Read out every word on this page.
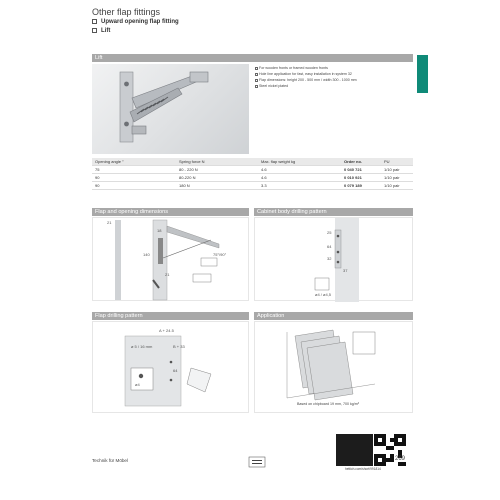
Other flap fittings
Upward opening flap fitting
Lift
Lift
For wooden fronts or framed wooden fronts
Hole line application for fast, easy installation in system 32
Flap dimensions: height 200 - 500 mm / width 300 - 1000 mm
Steel nickel plated
Opening angle °	Spring force N	Max. flap weight kg	Order no.	PU
75	80 - 220 N	4.6	0 040 721	1/10 pair
90	80-220 N	4.6	0 010 921	1/10 pair
90	180 N	3.3	0 079 189	1/10 pair
Flap and opening dimensions
21
18
140	75°/90°
21
Cabinet body drilling pattern
25
64
32
37
ø4 / ø4,5
Flap drilling pattern
A + 24.5
B + 33
64
ø 5 / 16 mm
ø4
Application
Based on chipboard 19 mm, 700 kg/m³
hettich.com/short/991814
Technik für Möbel	269
